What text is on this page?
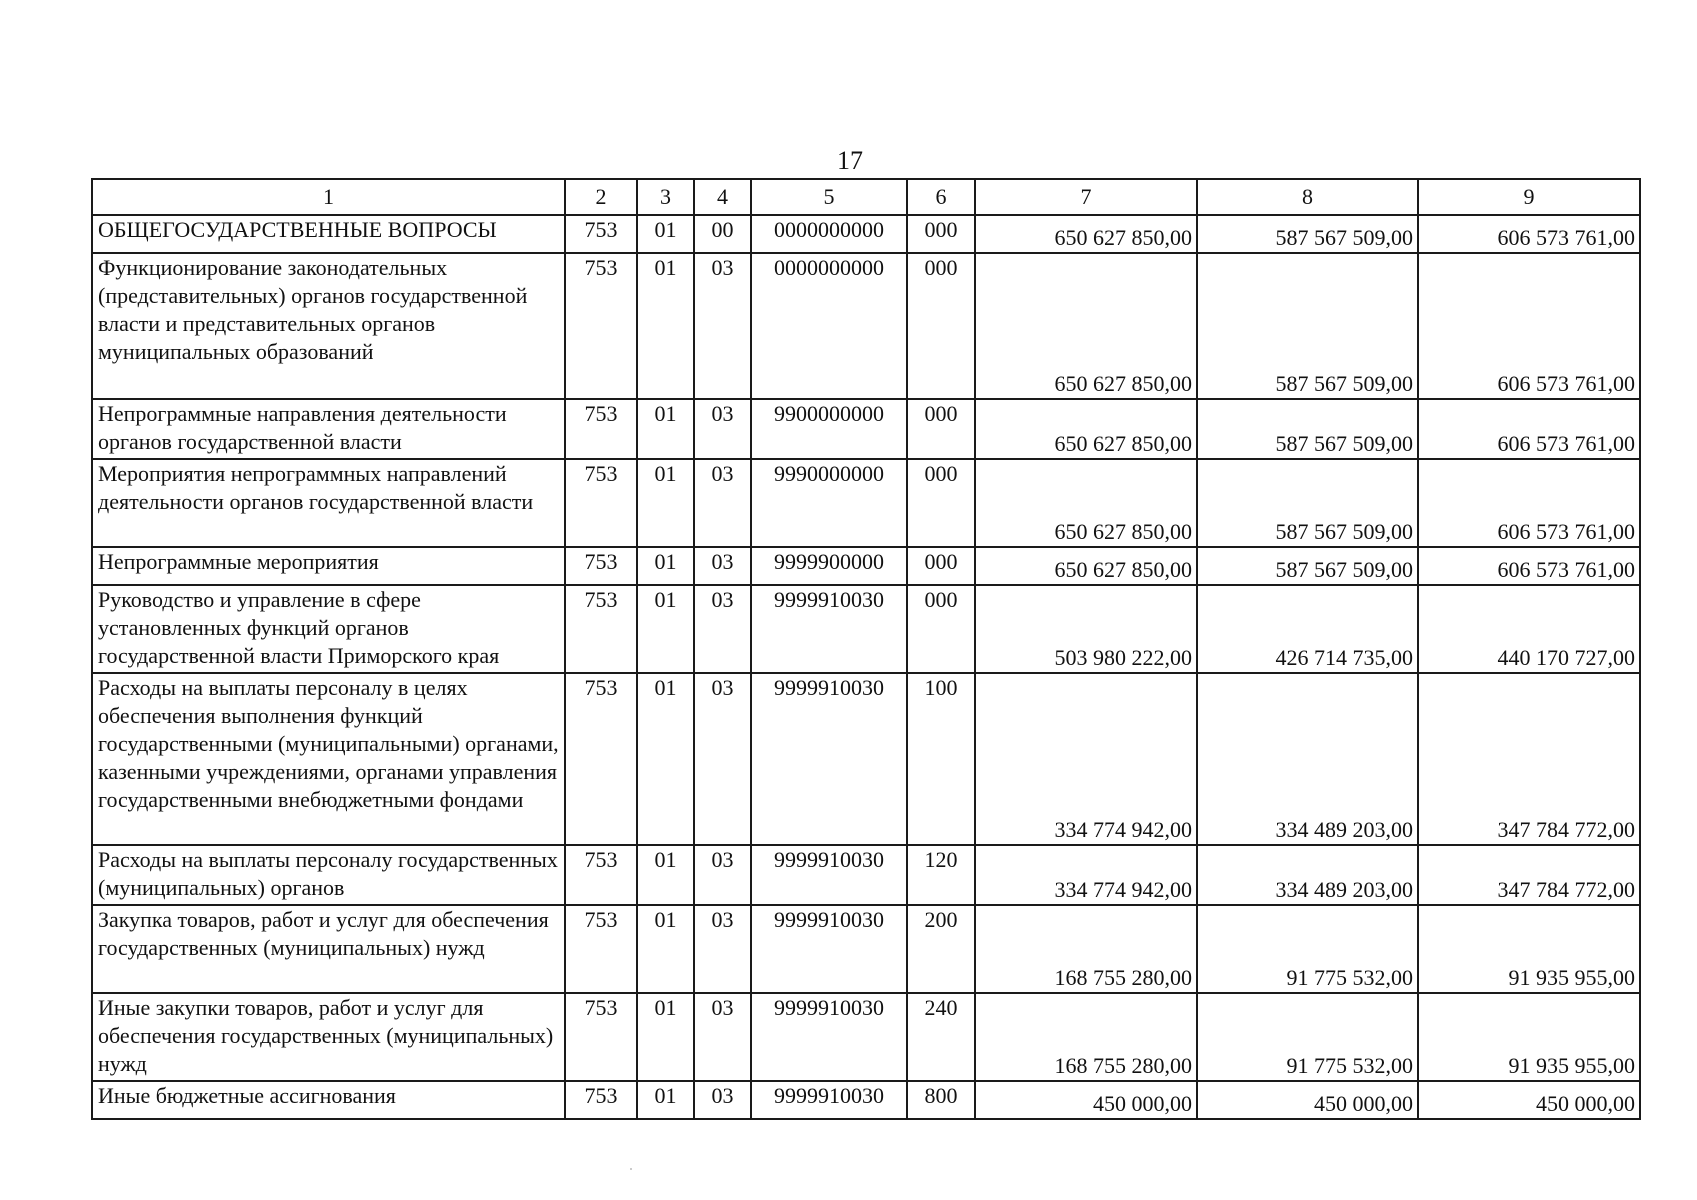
17
1	2	3	4	5	6	7	8	9
ОБЩЕГОСУДАРСТВЕННЫЕ ВОПРОСЫ	753	01	00	0000000000	000	650 627 850,00	587 567 509,00	606 573 761,00
Функционирование законодательных (представительных) органов государственной власти и представительных органов муниципальных образований	753	01	03	0000000000	000	650 627 850,00	587 567 509,00	606 573 761,00
Непрограммные направления деятельности органов государственной власти	753	01	03	9900000000	000	650 627 850,00	587 567 509,00	606 573 761,00
Мероприятия непрограммных направлений деятельности органов государственной власти	753	01	03	9990000000	000	650 627 850,00	587 567 509,00	606 573 761,00
Непрограммные мероприятия	753	01	03	9999900000	000	650 627 850,00	587 567 509,00	606 573 761,00
Руководство и управление в сфере установленных функций органов государственной власти Приморского края	753	01	03	9999910030	000	503 980 222,00	426 714 735,00	440 170 727,00
Расходы на выплаты персоналу в целях обеспечения выполнения функций государственными (муниципальными) органами, казенными учреждениями, органами управления государственными внебюджетными фондами	753	01	03	9999910030	100	334 774 942,00	334 489 203,00	347 784 772,00
Расходы на выплаты персоналу государственных (муниципальных) органов	753	01	03	9999910030	120	334 774 942,00	334 489 203,00	347 784 772,00
Закупка товаров, работ и услуг для обеспечения государственных (муниципальных) нужд	753	01	03	9999910030	200	168 755 280,00	91 775 532,00	91 935 955,00
Иные закупки товаров, работ и услуг для обеспечения государственных (муниципальных) нужд	753	01	03	9999910030	240	168 755 280,00	91 775 532,00	91 935 955,00
Иные бюджетные ассигнования	753	01	03	9999910030	800	450 000,00	450 000,00	450 000,00
